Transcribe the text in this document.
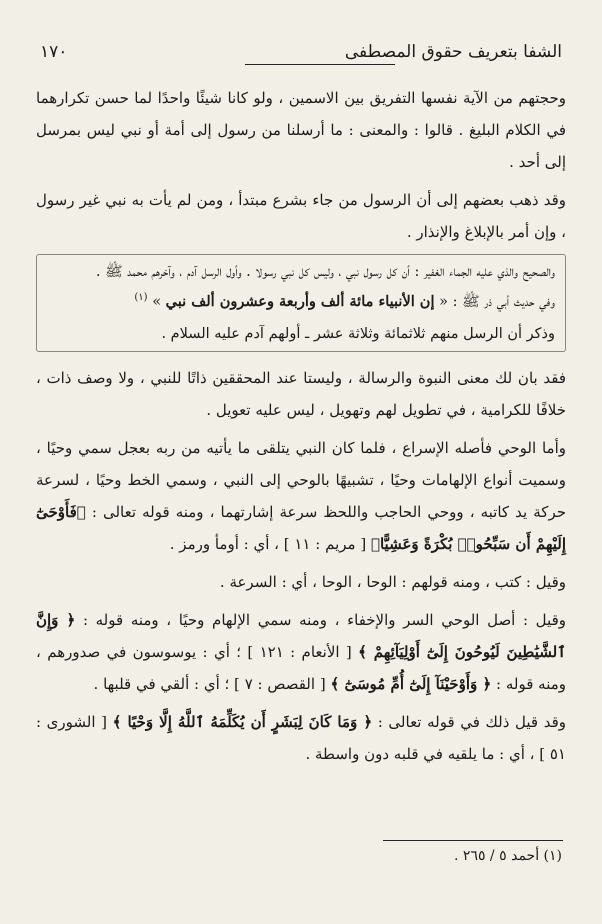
١٧٠	الشفا بتعريف حقوق المصطفى

وحجتهم من الآية نفسها التفريق بين الاسمين ، ولو كانا شيئًا واحدًا لما حسن تكرارهما في الكلام البليغ . قالوا : والمعنى : ما أرسلنا من رسول إلى أمة أو نبي ليس بمرسل إلى أحد .

وقد ذهب بعضهم إلى أن الرسول من جاء بشرع مبتدأ ، ومن لم يأت به نبي غير رسول ، وإن أمر بالإبلاغ والإنذار .

والصحيح والذي عليه الجماء الغفير : أن كل رسول نبي ، وليس كل نبي رسولا . وأول الرسل آدم ، وآخرهم محمد ﷺ .

وفي حديث أبي ذر ﷺ : « إن الأنبياء مائة ألف وأربعة وعشرون ألف نبي » $^{(١)}$

وذكر أن الرسل منهم ثلاثمائة وثلاثة عشر ـ أولهم آدم عليه السلام .

فقد بان لك معنى النبوة والرسالة ، وليستا عند المحققين ذاتًا للنبي ، ولا وصف ذات ، خلافًا للكرامية ، في تطويل لهم وتهويل ، ليس عليه تعويل .

وأما الوحي فأصله الإسراع ، فلما كان النبي يتلقى ما يأتيه من ربه بعجل سمي وحيًا ، وسميت أنواع الإلهامات وحيًا ، تشبيهًا بالوحي إلى النبي ، وسمي الخط وحيًا ، لسرعة حركة يد كاتبه ، ووحي الحاجب واللحظ سرعة إشارتهما ، ومنه قوله تعالى : ﴿فَأَوْحَىٰٓ إِلَيْهِمْ أَن سَبِّحُوا۟ بُكْرَةً وَعَشِيًّا﴾ [ مريم : ١١ ] ، أي : أومأ ورمز .

وقيل : كتب ، ومنه قولهم : الوحا ، الوحا ، أي : السرعة .

وقيل : أصل الوحي السر والإخفاء ، ومنه سمي الإلهام وحيًا ، ومنه قوله : ﴿ وَإِنَّ ٱلشَّيَٰطِينَ لَيُوحُونَ إِلَىٰٓ أَوْلِيَآئِهِمْ ﴾ [ الأنعام : ١٢١ ] ؛ أي : يوسوسون في صدورهم ، ومنه قوله : ﴿ وَأَوْحَيْنَآ إِلَىٰٓ أُمِّ مُوسَىٰٓ ﴾ [ القصص : ٧ ] ؛ أي : ألقي في قلبها .

وقد قيل ذلك في قوله تعالى : ﴿ وَمَا كَانَ لِبَشَرٍ أَن يُكَلِّمَهُ ٱللَّهُ إِلَّا وَحْيًا ﴾ [ الشورى : ٥١ ] ، أي : ما يلقيه في قلبه دون واسطة .

(١) أحمد ٥ / ٢٦٥ .
